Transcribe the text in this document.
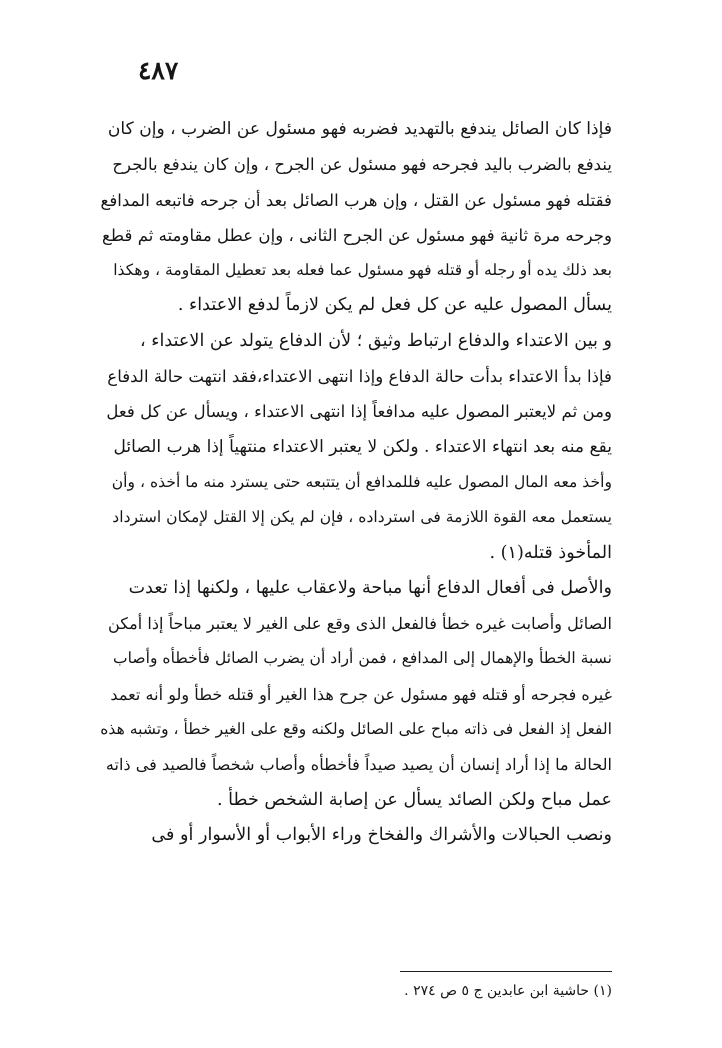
٤٨٧
فإذا كان الصائل يندفع بالتهديد فضربه فهو مسئول عن الضرب ، وإن كان
يندفع بالضرب باليد فجرحه فهو مسئول عن الجرح ، وإن كان يندفع بالجرح
فقتله فهو مسئول عن القتل ، وإن هرب الصائل بعد أن جرحه فاتبعه المدافع
وجرحه مرة ثانية فهو مسئول عن الجرح الثانى ، وإن عطل مقاومته ثم قطع
بعد ذلك يده أو رجله أو قتله فهو مسئول عما فعله بعد تعطيل المقاومة ، وهكذا
يسأل المصول عليه عن كل فعل لم يكن لازماً لدفع الاعتداء .
و بين الاعتداء والدفاع ارتباط وثيق ؛ لأن الدفاع يتولد عن الاعتداء ،
فإذا بدأ الاعتداء بدأت حالة الدفاع وإذا انتهى الاعتداء،فقد انتهت حالة الدفاع
ومن ثم لايعتبر المصول عليه مدافعاً إذا انتهى الاعتداء ، ويسأل عن كل فعل
يقع منه بعد انتهاء الاعتداء . ولكن لا يعتبر الاعتداء منتهياً إذا هرب الصائل
وأخذ معه المال المصول عليه فللمدافع أن يتتبعه حتى يسترد منه ما أخذه ، وأن
يستعمل معه القوة اللازمة فى استرداده ، فإن لم يكن إلا القتل لإمكان استرداد
المأخوذ قتله(١) .
والأصل فى أفعال الدفاع أنها مباحة ولاعقاب عليها ، ولكنها إذا تعدت
الصائل وأصابت غيره خطأ فالفعل الذى وقع على الغير لا يعتبر مباحاً إذا أمكن
نسبة الخطأ والإهمال إلى المدافع ، فمن أراد أن يضرب الصائل فأخطأه وأصاب
غيره فجرحه أو قتله فهو مسئول عن جرح هذا الغير أو قتله خطأ ولو أنه تعمد
الفعل إذ الفعل فى ذاته مباح على الصائل ولكنه وقع على الغير خطأ ، وتشبه هذه
الحالة ما إذا أراد إنسان أن يصيد صيداً فأخطأه وأصاب شخصاً فالصيد فى ذاته
عمل مباح ولكن الصائد يسأل عن إصابة الشخص خطأ .
ونصب الحبالات والأشراك والفخاخ وراء الأبواب أو الأسوار أو فى
(١) حاشية ابن عابدين ج ٥ ص ٢٧٤ .
